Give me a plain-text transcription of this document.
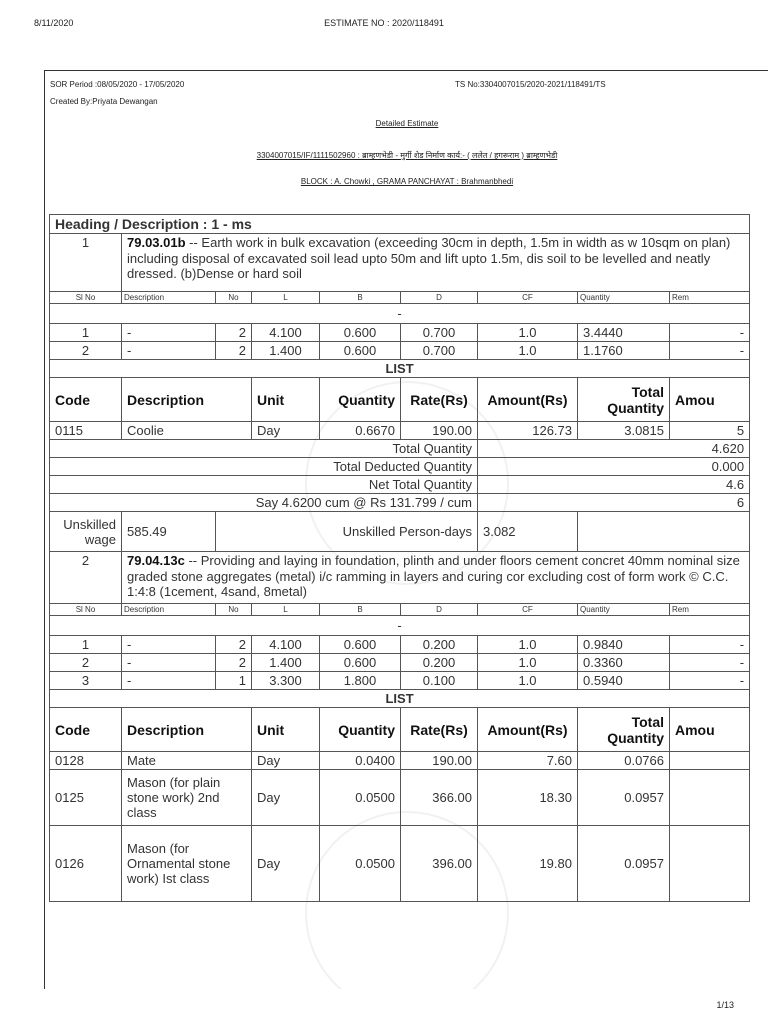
8/11/2020	ESTIMATE NO : 2020/118491
SOR Period :08/05/2020 - 17/05/2020
Created By:Priyata Dewangan
TS No:3304007015/2020-2021/118491/TS
Detailed Estimate
3304007015/IF/1111502960 : ब्राम्हणभेडी - मुर्गी शेड निर्माण कार्य:- ( ललेत / हगरूराम ) ब्राम्हणभेडी
BLOCK : A. Chowki , GRAMA PANCHAYAT : Brahmanbhedi
Heading / Description : 1 - ms								
1	79.03.01b -- Earth work in bulk excavation (exceeding 30cm in depth, 1.5m in width as w 10sqm on plan) including disposal of excavated soil lead upto 50m and lift upto 1.5m, dis soil to be levelled and neatly dressed. (b)Dense or hard soil							
Sl No	Description	No	L	B	D	CF	Quantity	Rem
-								
1	-	2	4.100	0.600	0.700	1.0	3.4440	-
2	-	2	1.400	0.600	0.700	1.0	1.1760	-
LIST								
Code	Description		Unit	Quantity	Rate(Rs)	Amount(Rs)	Total Quantity	Amou
0115	Coolie		Day	0.6670	190.00	126.73	3.0815	5
Total Quantity						4.620		
Total Deducted Quantity						0.000		
Net Total Quantity						4.6		
Say 4.6200 cum @ Rs 131.799 / cum						6		
Unskilled wage	585.49	Unskilled Person-days				3.082		
2	79.04.13c -- Providing and laying in foundation, plinth and under floors cement concret 40mm nominal size graded stone aggregates (metal) i/c ramming in layers and curing cor excluding cost of form work © C.C. 1:4:8 (1cement, 4sand, 8metal)							
Sl No	Description	No	L	B	D	CF	Quantity	Rem
-								
1	-	2	4.100	0.600	0.200	1.0	0.9840	-
2	-	2	1.400	0.600	0.200	1.0	0.3360	-
3	-	1	3.300	1.800	0.100	1.0	0.5940	-
LIST								
Code	Description		Unit	Quantity	Rate(Rs)	Amount(Rs)	Total Quantity	Amou
0128	Mate		Day	0.0400	190.00	7.60	0.0766	
0125	Mason (for plain stone work) 2nd class		Day	0.0500	366.00	18.30	0.0957	
0126	Mason (for Ornamental stone work) Ist class		Day	0.0500	396.00	19.80	0.0957	
1/13
